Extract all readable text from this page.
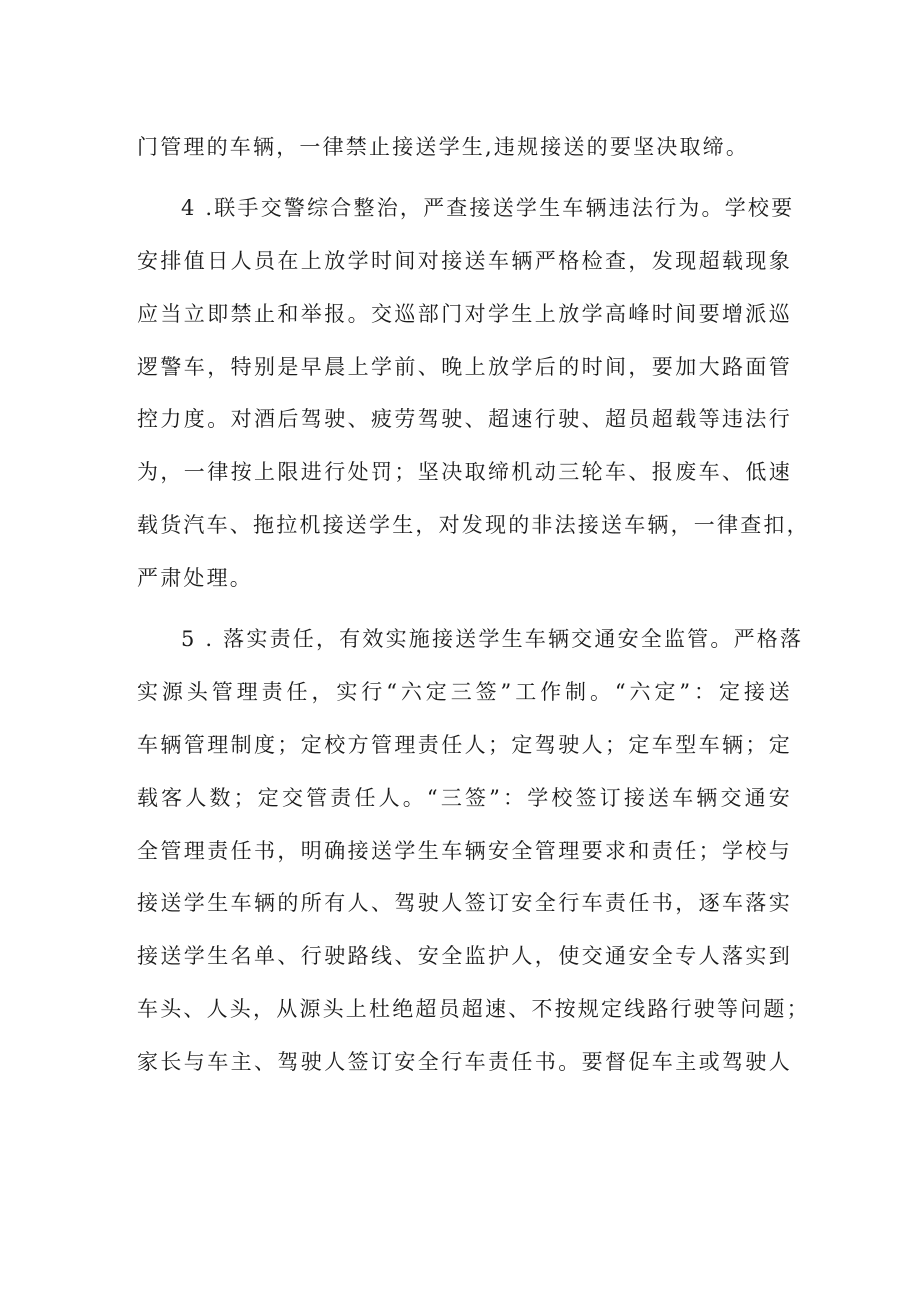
门管理的车辆，一律禁止接送学生,违规接送的要坚决取缔。
4 .联手交警综合整治，严查接送学生车辆违法行为。学校要
安排值日人员在上放学时间对接送车辆严格检查，发现超载现象
应当立即禁止和举报。交巡部门对学生上放学高峰时间要增派巡
逻警车，特别是早晨上学前、晚上放学后的时间，要加大路面管
控力度。对酒后驾驶、疲劳驾驶、超速行驶、超员超载等违法行
为，一律按上限进行处罚；坚决取缔机动三轮车、报废车、低速
载货汽车、拖拉机接送学生，对发现的非法接送车辆，一律查扣，
严肃处理。
5 . 落实责任，有效实施接送学生车辆交通安全监管。严格落
实源头管理责任，实行“六定三签”工作制。“六定”：定接送
车辆管理制度；定校方管理责任人；定驾驶人；定车型车辆；定
载客人数；定交管责任人。“三签”：学校签订接送车辆交通安
全管理责任书，明确接送学生车辆安全管理要求和责任；学校与
接送学生车辆的所有人、驾驶人签订安全行车责任书，逐车落实
接送学生名单、行驶路线、安全监护人，使交通安全专人落实到
车头、人头，从源头上杜绝超员超速、不按规定线路行驶等问题；
家长与车主、驾驶人签订安全行车责任书。要督促车主或驾驶人
